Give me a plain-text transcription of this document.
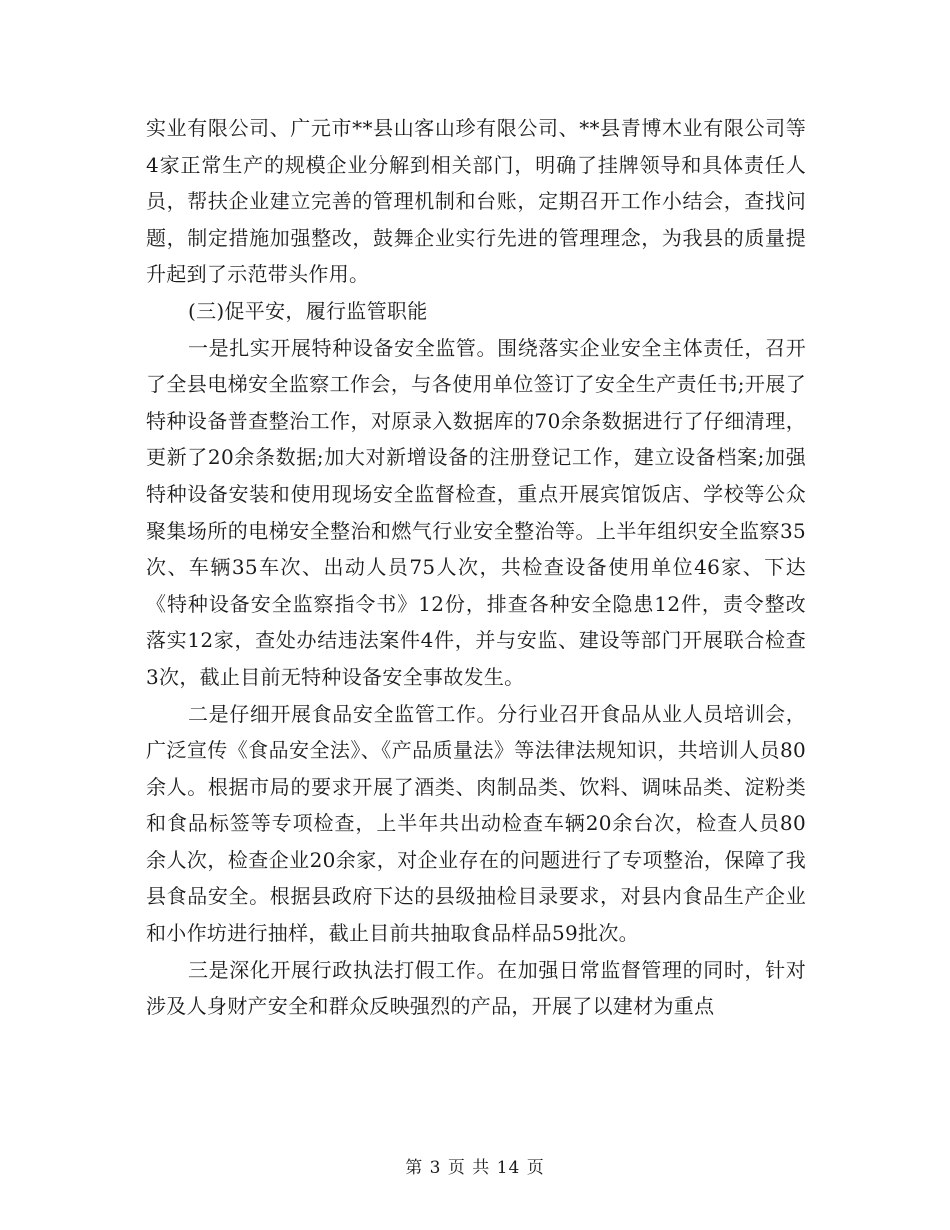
实业有限公司、广元市**县山客山珍有限公司、**县青博木业有限公司等4家正常生产的规模企业分解到相关部门，明确了挂牌领导和具体责任人员，帮扶企业建立完善的管理机制和台账，定期召开工作小结会，查找问题，制定措施加强整改，鼓舞企业实行先进的管理理念，为我县的质量提升起到了示范带头作用。

(三)促平安，履行监管职能

一是扎实开展特种设备安全监管。围绕落实企业安全主体责任，召开了全县电梯安全监察工作会，与各使用单位签订了安全生产责任书;开展了特种设备普查整治工作，对原录入数据库的70余条数据进行了仔细清理，更新了20余条数据;加大对新增设备的注册登记工作，建立设备档案;加强特种设备安装和使用现场安全监督检查，重点开展宾馆饭店、学校等公众聚集场所的电梯安全整治和燃气行业安全整治等。上半年组织安全监察35次、车辆35车次、出动人员75人次，共检查设备使用单位46家、下达《特种设备安全监察指令书》12份，排查各种安全隐患12件，责令整改落实12家，查处办结违法案件4件，并与安监、建设等部门开展联合检查3次，截止目前无特种设备安全事故发生。

二是仔细开展食品安全监管工作。分行业召开食品从业人员培训会，广泛宣传《食品安全法》、《产品质量法》等法律法规知识，共培训人员80余人。根据市局的要求开展了酒类、肉制品类、饮料、调味品类、淀粉类和食品标签等专项检查，上半年共出动检查车辆20余台次，检查人员80余人次，检查企业20余家，对企业存在的问题进行了专项整治，保障了我县食品安全。根据县政府下达的县级抽检目录要求，对县内食品生产企业和小作坊进行抽样，截止目前共抽取食品样品59批次。

三是深化开展行政执法打假工作。在加强日常监督管理的同时，针对涉及人身财产安全和群众反映强烈的产品，开展了以建材为重点

第 3 页 共 14 页
